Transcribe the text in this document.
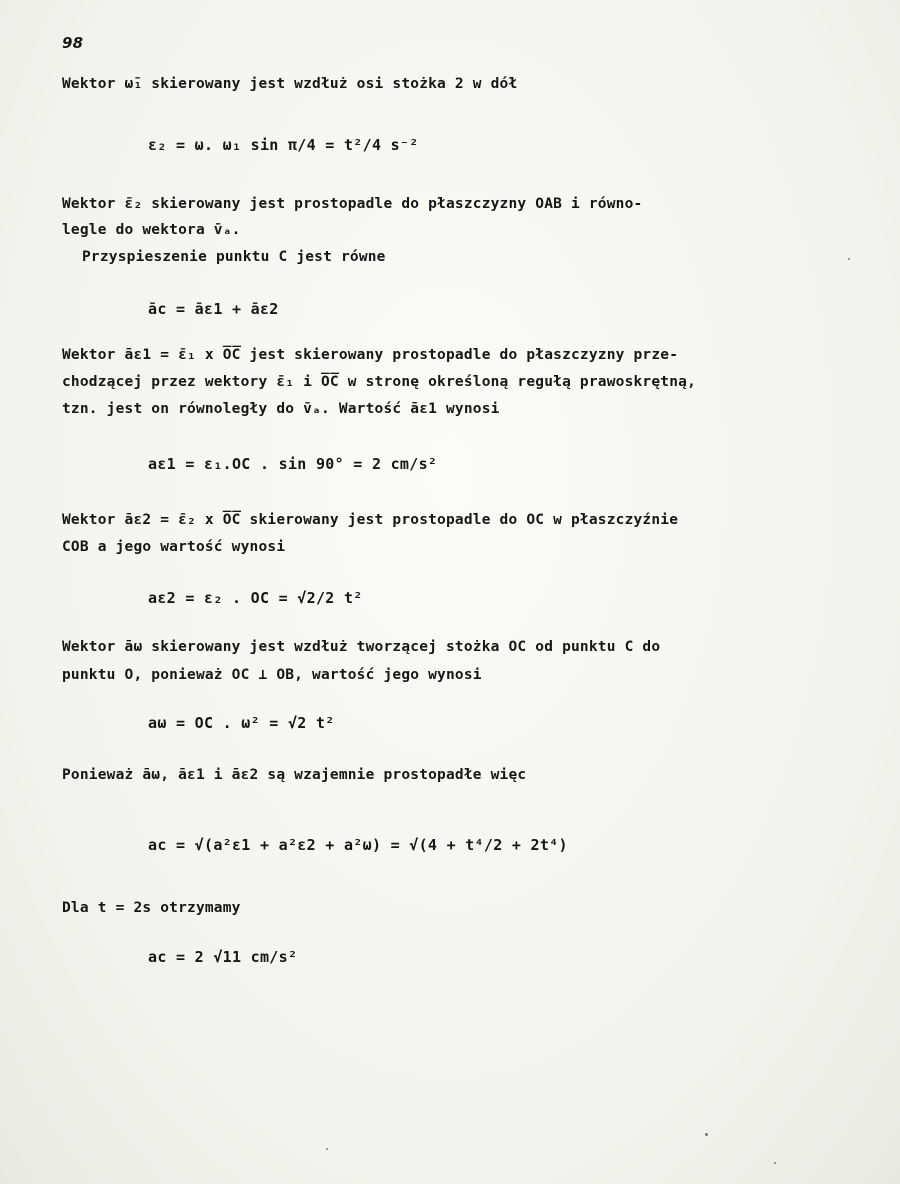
98
Wektor ω̄₁ skierowany jest wzdłuż osi stożka 2 w dół
ε₂ = ω. ω₁ sin π/4 = t²/4 s⁻²
Wektor ε̄₂ skierowany jest prostopadle do płaszczyzny OAB i równo-
legle do wektora v̄ₐ.
Przyspieszenie punktu C jest równe
āc = āε1 + āε2
Wektor āε1 = ε̄₁ x O̅C̅ jest skierowany prostopadle do płaszczyzny prze-
chodzącej przez wektory ε̄₁ i O̅C̅ w stronę określoną regułą prawoskrętną,
tzn. jest on równoległy do v̄ₐ. Wartość āε1 wynosi
aε1 = ε₁.OC . sin 90° = 2 cm/s²
Wektor āε2 = ε̄₂ x O̅C̅ skierowany jest prostopadle do OC w płaszczyźnie
COB a jego wartość wynosi
aε2 = ε₂ . OC = √2/2 t²
Wektor āω skierowany jest wzdłuż tworzącej stożka OC od punktu C do
punktu O, ponieważ OC ⊥ OB, wartość jego wynosi
aω = OC . ω² = √2 t²
Ponieważ āω, āε1 i āε2 są wzajemnie prostopadłe więc
ac = √(a²ε1 + a²ε2 + a²ω) = √(4 + t⁴/2 + 2t⁴)
Dla t = 2s otrzymamy
ac = 2 √11 cm/s²
